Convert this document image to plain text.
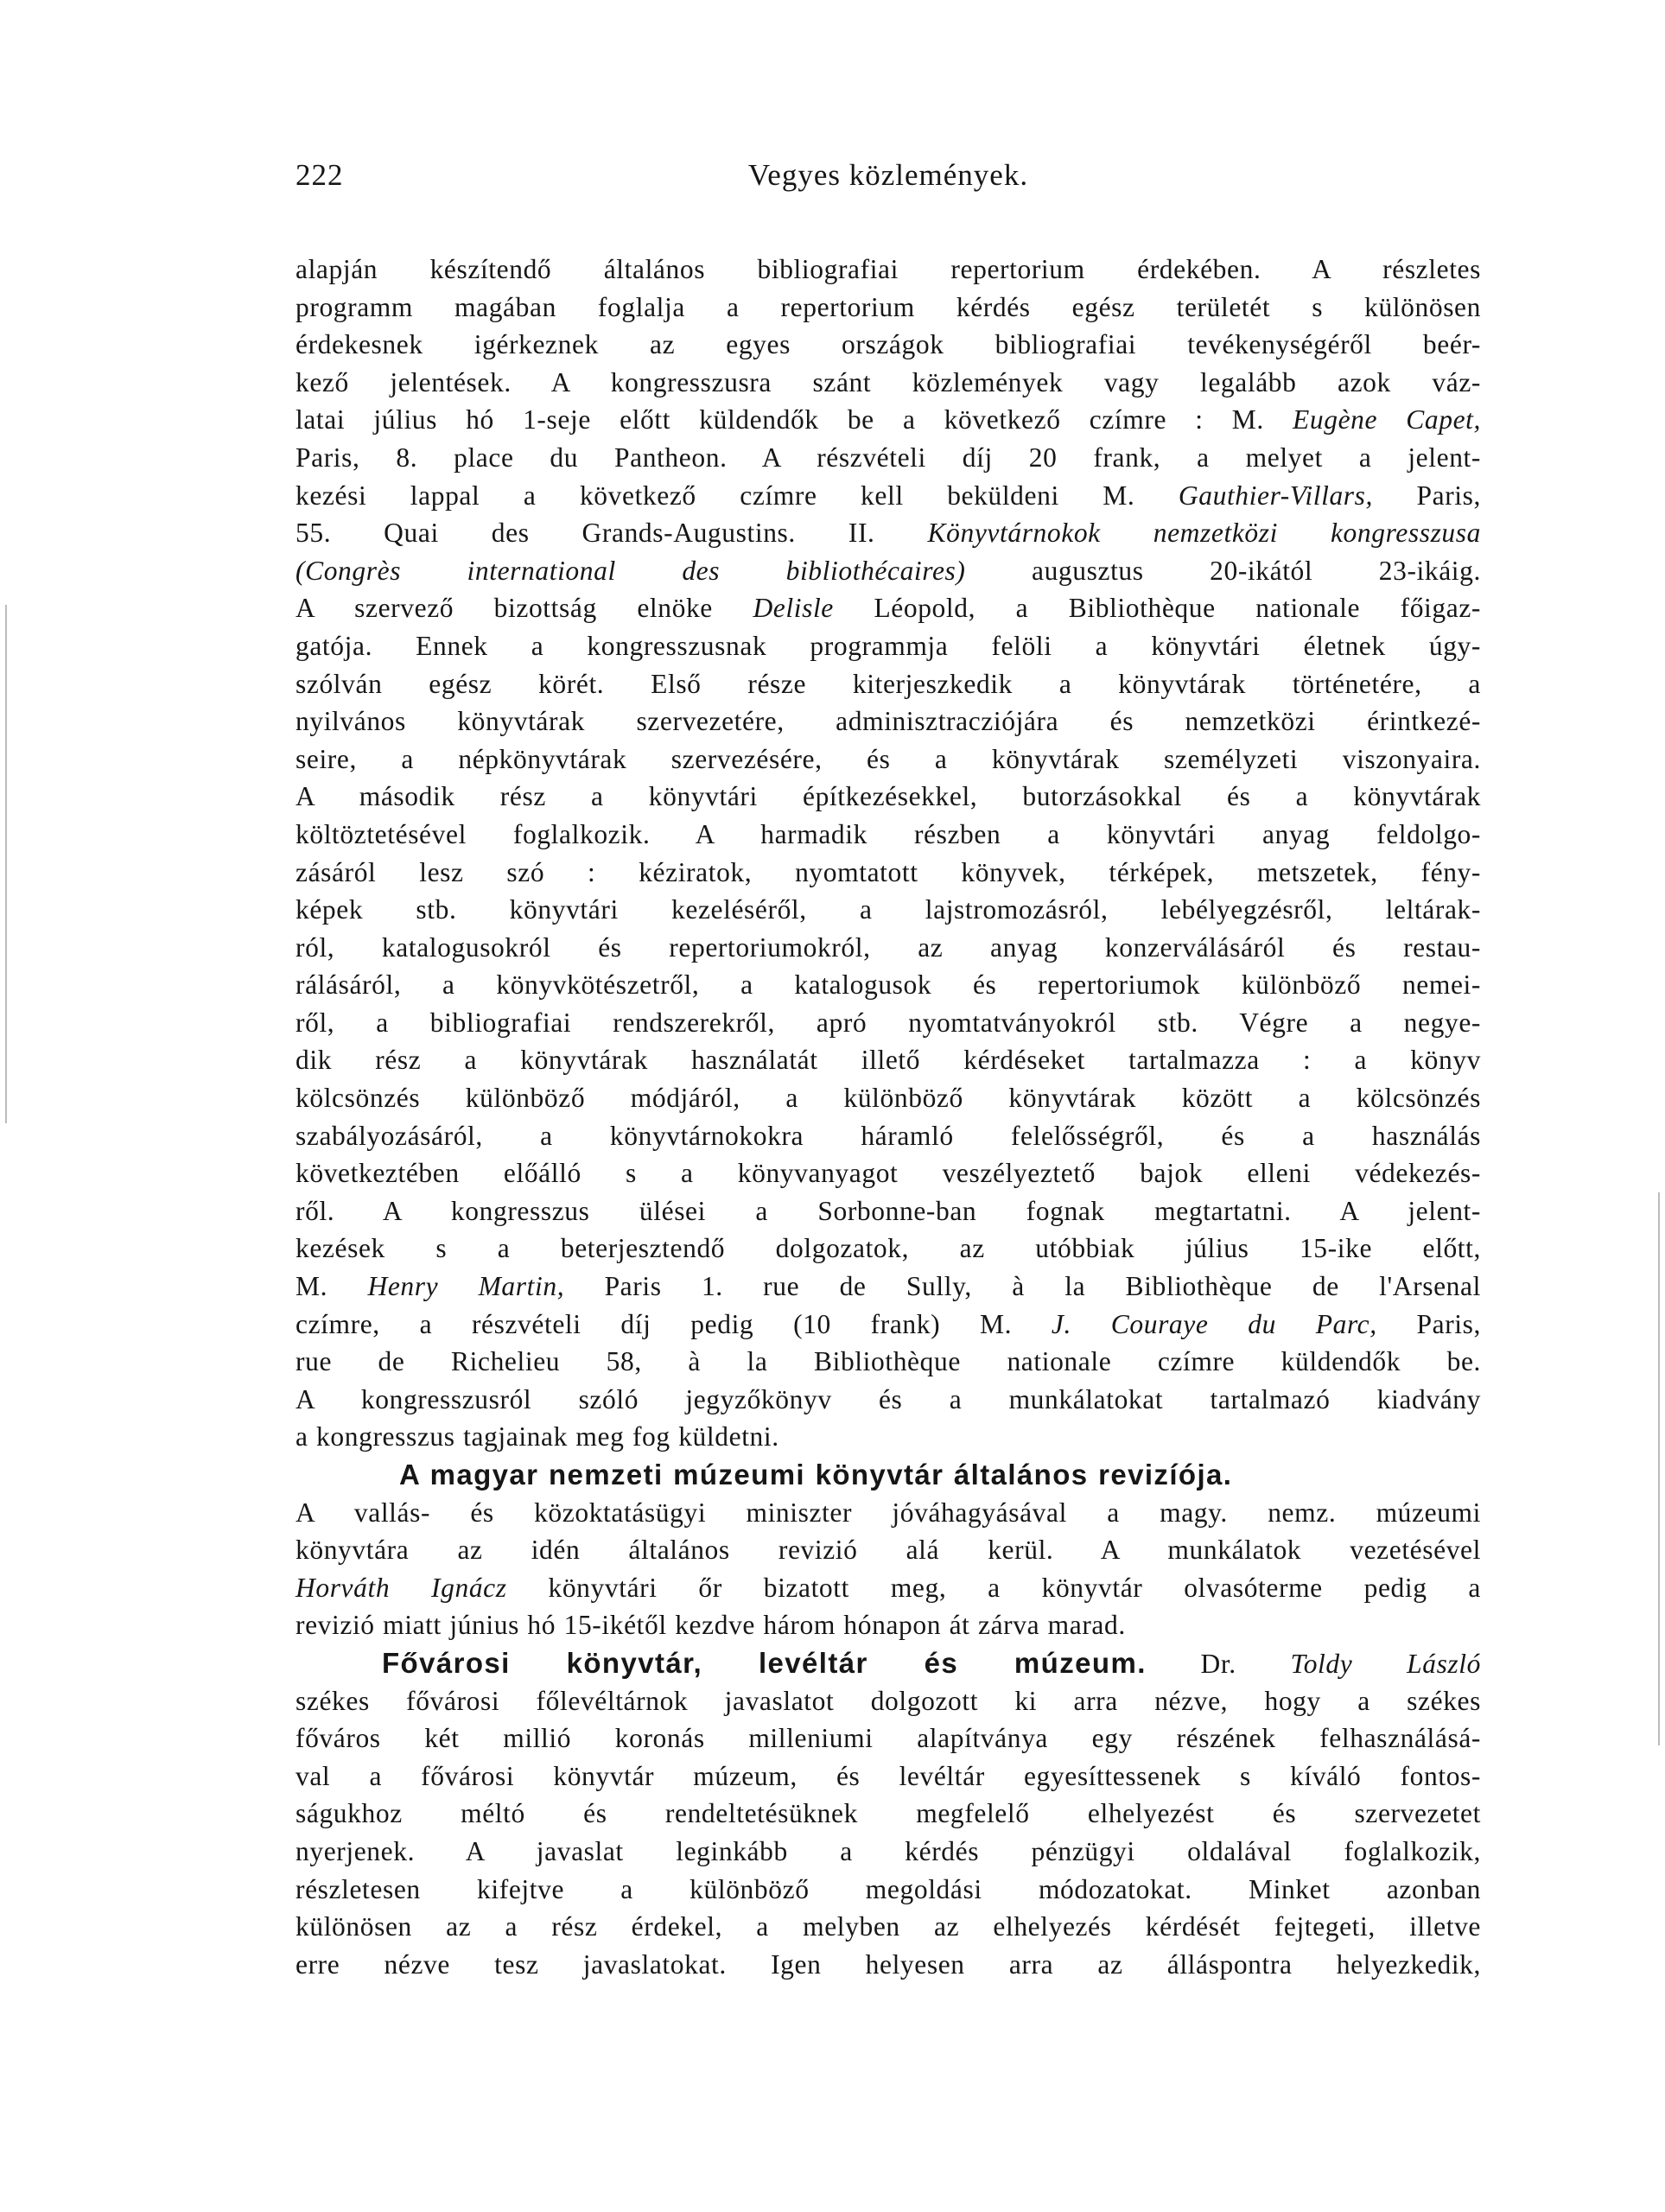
222	Vegyes közlemények.
alapján készítendő általános bibliografiai repertorium érdekében. A részletes
programm magában foglalja a repertorium kérdés egész területét s különösen
érdekesnek igérkeznek az egyes országok bibliografiai tevékenységéről beér-
kező jelentések. A kongresszusra szánt közlemények vagy legalább azok váz-
latai július hó 1-seje előtt küldendők be a következő czímre : M. Eugène Capet,
Paris, 8. place du Pantheon. A részvételi díj 20 frank, a melyet a jelent-
kezési lappal a következő czímre kell beküldeni M. Gauthier-Villars, Paris,
55. Quai des Grands-Augustins. II. Könyvtárnokok nemzetközi kongresszusa
(Congrès international des bibliothécaires) augusztus 20-ikától 23-ikáig.
A szervező bizottság elnöke Delisle Léopold, a Bibliothèque nationale főigaz-
gatója. Ennek a kongresszusnak programmja felöli a könyvtári életnek úgy-
szólván egész körét. Első része kiterjeszkedik a könyvtárak történetére, a
nyilvános könyvtárak szervezetére, adminisztracziójára és nemzetközi érintkezé-
seire, a népkönyvtárak szervezésére, és a könyvtárak személyzeti viszonyaira.
A második rész a könyvtári építkezésekkel, butorzásokkal és a könyvtárak
költöztetésével foglalkozik. A harmadik részben a könyvtári anyag feldolgo-
zásáról lesz szó : kéziratok, nyomtatott könyvek, térképek, metszetek, fény-
képek stb. könyvtári kezeléséről, a lajstromozásról, lebélyegzésről, leltárak-
ról, katalogusokról és repertoriumokról, az anyag konzerválásáról és restau-
rálásáról, a könyvkötészetről, a katalogusok és repertoriumok különböző nemei-
ről, a bibliografiai rendszerekről, apró nyomtatványokról stb. Végre a negye-
dik rész a könyvtárak használatát illető kérdéseket tartalmazza : a könyv
kölcsönzés különböző módjáról, a különböző könyvtárak között a kölcsönzés
szabályozásáról, a könyvtárnokokra háramló felelősségről, és a használás
következtében előálló s a könyvanyagot veszélyeztető bajok elleni védekezés-
ről. A kongresszus ülései a Sorbonne-ban fognak megtartatni. A jelent-
kezések s a beterjesztendő dolgozatok, az utóbbiak július 15-ike előtt,
M. Henry Martin, Paris 1. rue de Sully, à la Bibliothèque de l'Arsenal
czímre, a részvételi díj pedig (10 frank) M. J. Couraye du Parc, Paris,
rue de Richelieu 58, à la Bibliothèque nationale czímre küldendők be.
A kongresszusról szóló jegyzőkönyv és a munkálatokat tartalmazó kiadvány
a kongresszus tagjainak meg fog küldetni.
A magyar nemzeti múzeumi könyvtár általános revizíója.
A vallás- és közoktatásügyi miniszter jóváhagyásával a magy. nemz. múzeumi
könyvtára az idén általános revizió alá kerül. A munkálatok vezetésével
Horváth Ignácz könyvtári őr bizatott meg, a könyvtár olvasóterme pedig a
revizió miatt június hó 15-ikétől kezdve három hónapon át zárva marad.
Fővárosi könyvtár, levéltár és múzeum. Dr. Toldy László
székes fővárosi főlevéltárnok javaslatot dolgozott ki arra nézve, hogy a székes
főváros két millió koronás milleniumi alapítványa egy részének felhasználásá-
val a fővárosi könyvtár múzeum, és levéltár egyesíttessenek s kíváló fontos-
ságukhoz méltó és rendeltetésüknek megfelelő elhelyezést és szervezetet
nyerjenek. A javaslat leginkább a kérdés pénzügyi oldalával foglalkozik,
részletesen kifejtve a különböző megoldási módozatokat. Minket azonban
különösen az a rész érdekel, a melyben az elhelyezés kérdését fejtegeti, illetve
erre nézve tesz javaslatokat. Igen helyesen arra az álláspontra helyezkedik,
